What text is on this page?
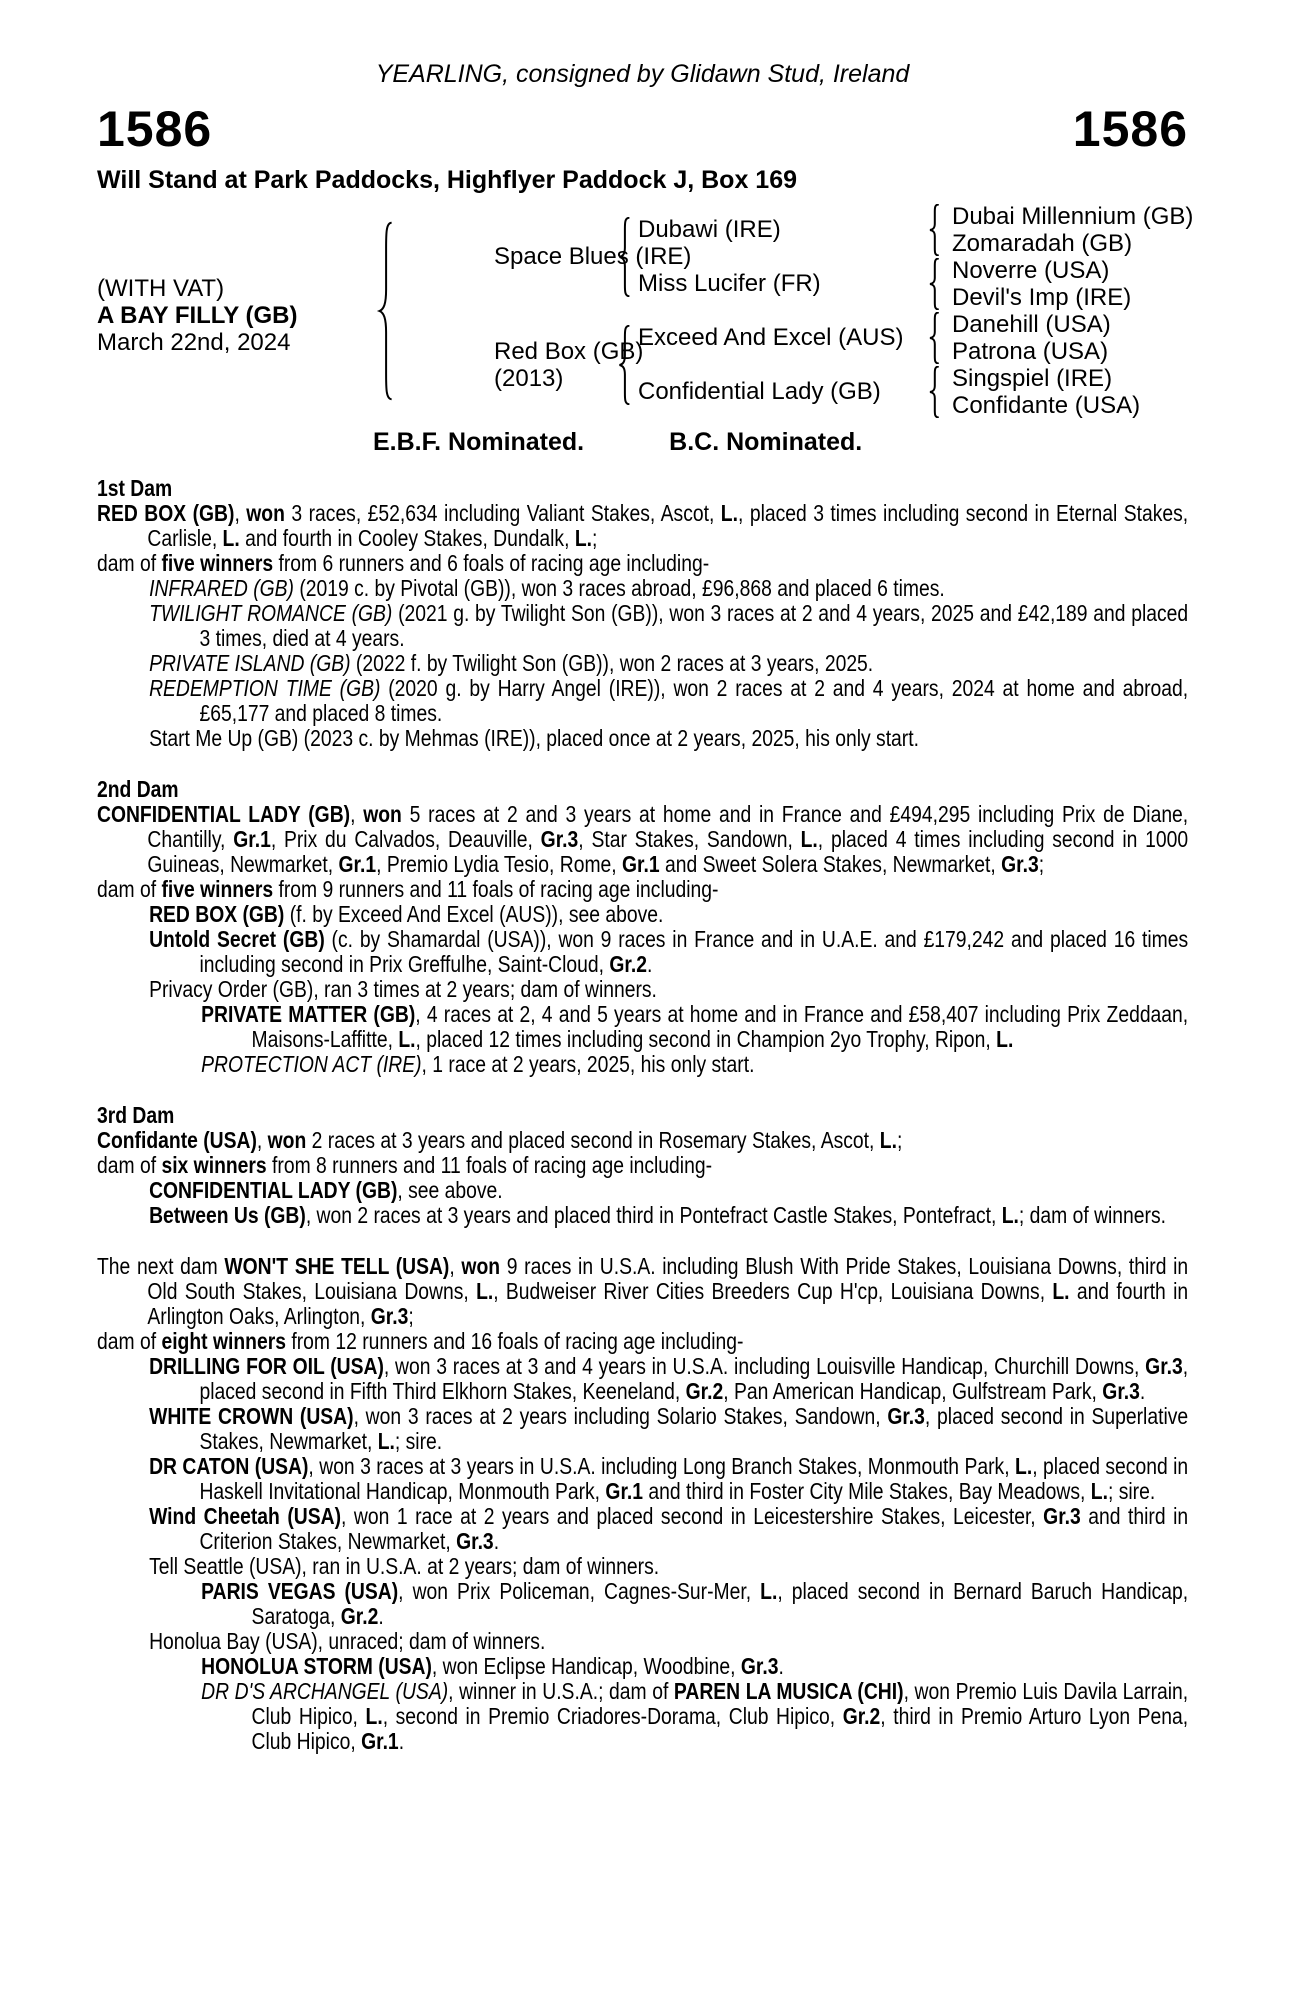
YEARLING, consigned by Glidawn Stud, Ireland
1586	1586
Will Stand at Park Paddocks, Highflyer Paddock J, Box 169
(WITH VAT)
A BAY FILLY (GB)
March 22nd, 2024
Space Blues (IRE)
Red Box (GB)
(2013)
Dubawi (IRE)
Miss Lucifer (FR)
Exceed And Excel (AUS)
Confidential Lady (GB)
Dubai Millennium (GB)
Zomaradah (GB)
Noverre (USA)
Devil's Imp (IRE)
Danehill (USA)
Patrona (USA)
Singspiel (IRE)
Confidante (USA)
E.B.F. Nominated.	B.C. Nominated.
1st Dam

RED BOX (GB), won 3 races, £52,634 including Valiant Stakes, Ascot, L., placed 3 times including second in Eternal Stakes, Carlisle, L. and fourth in Cooley Stakes, Dundalk, L.;

dam of five winners from 6 runners and 6 foals of racing age including-

INFRARED (GB) (2019 c. by Pivotal (GB)), won 3 races abroad, £96,868 and placed 6 times.

TWILIGHT ROMANCE (GB) (2021 g. by Twilight Son (GB)), won 3 races at 2 and 4 years, 2025 and £42,189 and placed 3 times, died at 4 years.

PRIVATE ISLAND (GB) (2022 f. by Twilight Son (GB)), won 2 races at 3 years, 2025.

REDEMPTION TIME (GB) (2020 g. by Harry Angel (IRE)), won 2 races at 2 and 4 years, 2024 at home and abroad, £65,177 and placed 8 times.

Start Me Up (GB) (2023 c. by Mehmas (IRE)), placed once at 2 years, 2025, his only start.

2nd Dam

CONFIDENTIAL LADY (GB), won 5 races at 2 and 3 years at home and in France and £494,295 including Prix de Diane, Chantilly, Gr.1, Prix du Calvados, Deauville, Gr.3, Star Stakes, Sandown, L., placed 4 times including second in 1000 Guineas, Newmarket, Gr.1, Premio Lydia Tesio, Rome, Gr.1 and Sweet Solera Stakes, Newmarket, Gr.3;

dam of five winners from 9 runners and 11 foals of racing age including-

RED BOX (GB) (f. by Exceed And Excel (AUS)), see above.

Untold Secret (GB) (c. by Shamardal (USA)), won 9 races in France and in U.A.E. and £179,242 and placed 16 times including second in Prix Greffulhe, Saint-Cloud, Gr.2.

Privacy Order (GB), ran 3 times at 2 years; dam of winners.

PRIVATE MATTER (GB), 4 races at 2, 4 and 5 years at home and in France and £58,407 including Prix Zeddaan, Maisons-Laffitte, L., placed 12 times including second in Champion 2yo Trophy, Ripon, L.

PROTECTION ACT (IRE), 1 race at 2 years, 2025, his only start.

3rd Dam

Confidante (USA), won 2 races at 3 years and placed second in Rosemary Stakes, Ascot, L.;

dam of six winners from 8 runners and 11 foals of racing age including-

CONFIDENTIAL LADY (GB), see above.

Between Us (GB), won 2 races at 3 years and placed third in Pontefract Castle Stakes, Pontefract, L.; dam of winners.

The next dam WON'T SHE TELL (USA), won 9 races in U.S.A. including Blush With Pride Stakes, Louisiana Downs, third in Old South Stakes, Louisiana Downs, L., Budweiser River Cities Breeders Cup H'cp, Louisiana Downs, L. and fourth in Arlington Oaks, Arlington, Gr.3;

dam of eight winners from 12 runners and 16 foals of racing age including-

DRILLING FOR OIL (USA), won 3 races at 3 and 4 years in U.S.A. including Louisville Handicap, Churchill Downs, Gr.3, placed second in Fifth Third Elkhorn Stakes, Keeneland, Gr.2, Pan American Handicap, Gulfstream Park, Gr.3.

WHITE CROWN (USA), won 3 races at 2 years including Solario Stakes, Sandown, Gr.3, placed second in Superlative Stakes, Newmarket, L.; sire.

DR CATON (USA), won 3 races at 3 years in U.S.A. including Long Branch Stakes, Monmouth Park, L., placed second in Haskell Invitational Handicap, Monmouth Park, Gr.1 and third in Foster City Mile Stakes, Bay Meadows, L.; sire.

Wind Cheetah (USA), won 1 race at 2 years and placed second in Leicestershire Stakes, Leicester, Gr.3 and third in Criterion Stakes, Newmarket, Gr.3.

Tell Seattle (USA), ran in U.S.A. at 2 years; dam of winners.

PARIS VEGAS (USA), won Prix Policeman, Cagnes-Sur-Mer, L., placed second in Bernard Baruch Handicap, Saratoga, Gr.2.

Honolua Bay (USA), unraced; dam of winners.

HONOLUA STORM (USA), won Eclipse Handicap, Woodbine, Gr.3.

DR D'S ARCHANGEL (USA), winner in U.S.A.; dam of PAREN LA MUSICA (CHI), won Premio Luis Davila Larrain, Club Hipico, L., second in Premio Criadores-Dorama, Club Hipico, Gr.2, third in Premio Arturo Lyon Pena, Club Hipico, Gr.1.
